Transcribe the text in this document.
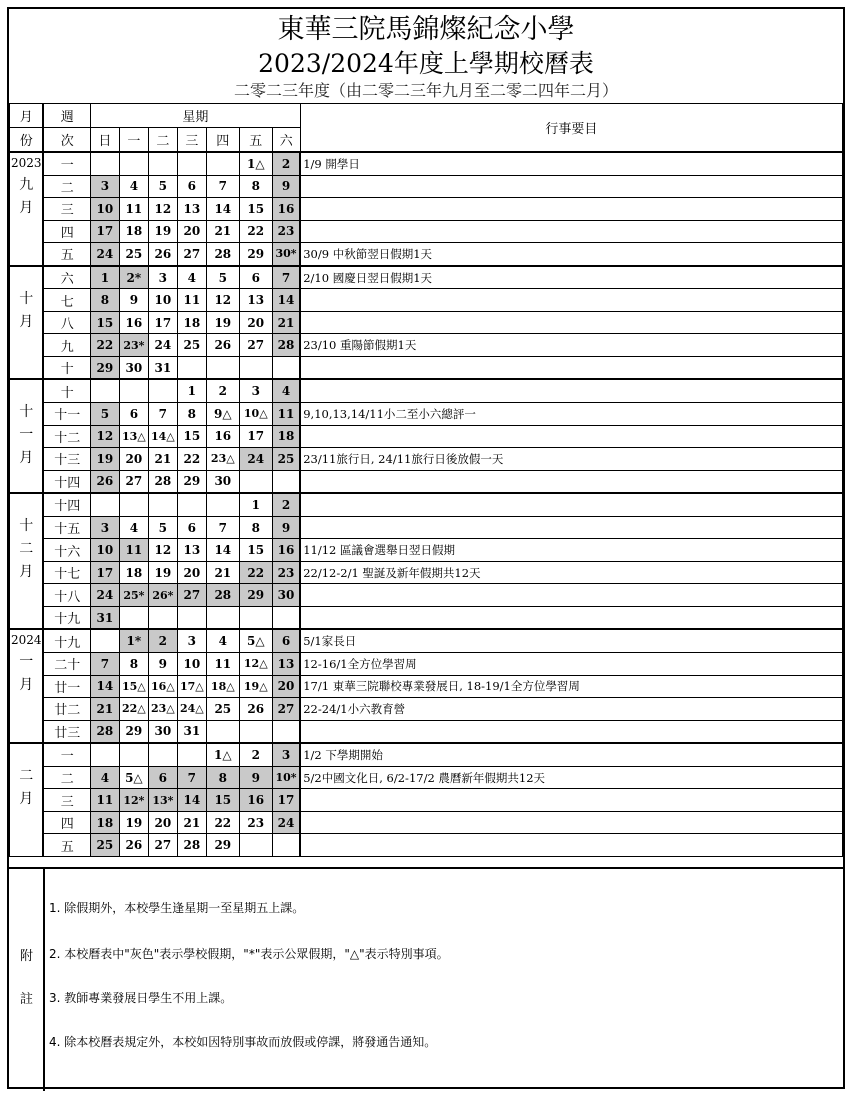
東華三院馬錦燦紀念小學
2023/2024年度上學期校曆表
二零二三年度（由二零二三年九月至二零二四年二月）
月	週	星期							行事要目
份	次	日	一	二	三	四	五	六	

2023
九
月	一						1△	2	1/9 開學日
	二	3	4	5	6	7	8	9	
	三	10	11	12	13	14	15	16	
	四	17	18	19	20	21	22	23	
	五	24	25	26	27	28	29	30*	30/9 中秋節翌日假期1天

十
月	六	1	2*	3	4	5	6	7	2/10 國慶日翌日假期1天
	七	8	9	10	11	12	13	14	
	八	15	16	17	18	19	20	21	
	九	22	23*	24	25	26	27	28	23/10 重陽節假期1天
	十	29	30	31					

十
一
月	十				1	2	3	4	
	十一	5	6	7	8	9△	10△	11	9,10,13,14/11小二至小六總評一
	十二	12	13△	14△	15	16	17	18	
	十三	19	20	21	22	23△	24	25	23/11旅行日, 24/11旅行日後放假一天
	十四	26	27	28	29	30			

十
二
月	十四						1	2	
	十五	3	4	5	6	7	8	9	
	十六	10	11	12	13	14	15	16	11/12 區議會選舉日翌日假期
	十七	17	18	19	20	21	22	23	22/12-2/1 聖誕及新年假期共12天
	十八	24	25*	26*	27	28	29	30	
	十九	31							

2024
一
月	十九		1*	2	3	4	5△	6	5/1家長日
	二十	7	8	9	10	11	12△	13	12-16/1全方位學習周
	廿一	14	15△	16△	17△	18△	19△	20	17/1 東華三院聯校專業發展日, 18-19/1全方位學習周
	廿二	21	22△	23△	24△	25	26	27	22-24/1小六教育營
	廿三	28	29	30	31				

二
月	一					1△	2	3	1/2 下學期開始
	二	4	5△	6	7	8	9	10*	5/2中國文化日, 6/2-17/2 農曆新年假期共12天
	三	11	12*	13*	14	15	16	17	
	四	18	19	20	21	22	23	24	
	五	25	26	27	28	29			
附
註
1. 除假期外，本校學生逢星期一至星期五上課。
2. 本校曆表中"灰色"表示學校假期，"*"表示公眾假期，"△"表示特別事項。
3. 教師專業發展日學生不用上課。
4. 除本校曆表規定外，本校如因特別事故而放假或停課，將發通告通知。
